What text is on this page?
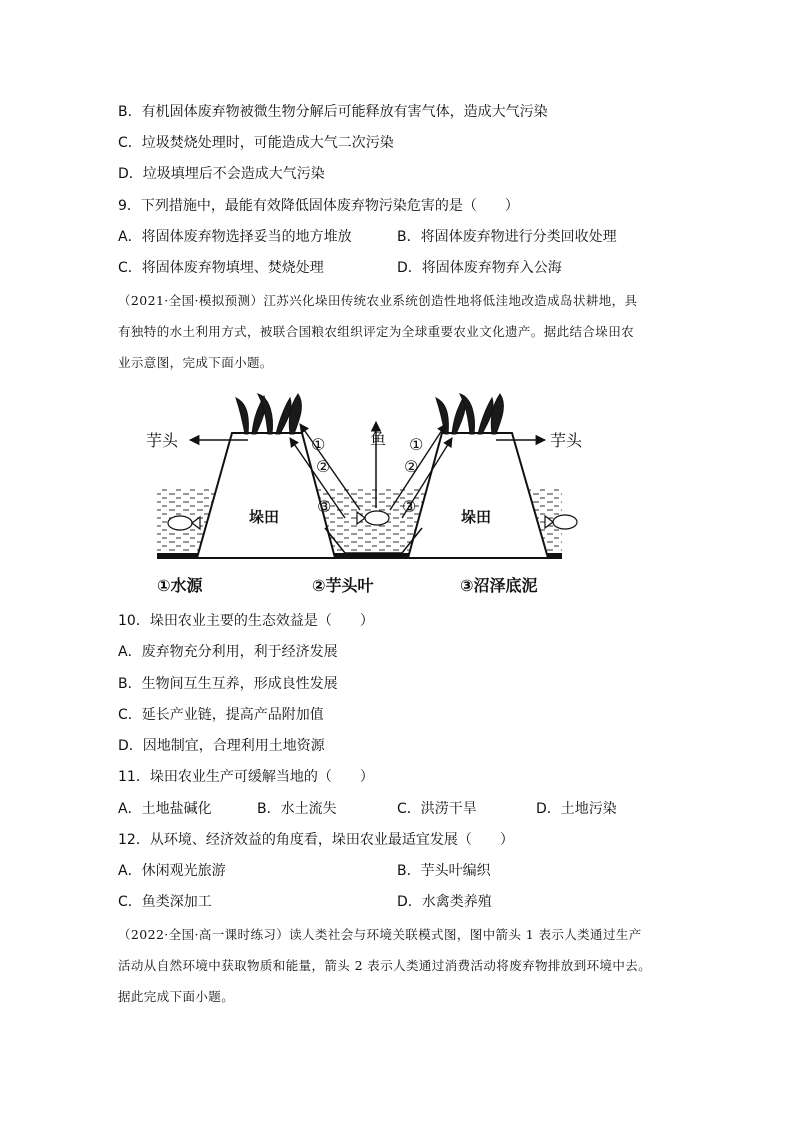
B．有机固体废弃物被微生物分解后可能释放有害气体，造成大气污染
C．垃圾焚烧处理时，可能造成大气二次污染
D．垃圾填埋后不会造成大气污染
9．下列措施中，最能有效降低固体废弃物污染危害的是（　　）
A．将固体废弃物选择妥当的地方堆放	B．将固体废弃物进行分类回收处理
C．将固体废弃物填埋、焚烧处理	D．将固体废弃物弃入公海
（2021·全国·模拟预测）江苏兴化垛田传统农业系统创造性地将低洼地改造成岛状耕地，具
有独特的水土利用方式，被联合国粮农组织评定为全球重要农业文化遗产。据此结合垛田农
业示意图，完成下面小题。
芋头	芋头
鱼
①
②
③
①
②
③
垛田	垛田
①水源	②芋头叶	③沼泽底泥
10．垛田农业主要的生态效益是（　　）
A．废弃物充分利用，利于经济发展
B．生物间互生互养，形成良性发展
C．延长产业链，提高产品附加值
D．因地制宜，合理利用土地资源
11．垛田农业生产可缓解当地的（　　）
A．土地盐碱化	B．水土流失	C．洪涝干旱	D．土地污染
12．从环境、经济效益的角度看，垛田农业最适宜发展（　　）
A．休闲观光旅游	B．芋头叶编织
C．鱼类深加工	D．水禽类养殖
（2022·全国·高一课时练习）读人类社会与环境关联模式图，图中箭头 1 表示人类通过生产
活动从自然环境中获取物质和能量，箭头 2 表示人类通过消费活动将废弃物排放到环境中去。
据此完成下面小题。
